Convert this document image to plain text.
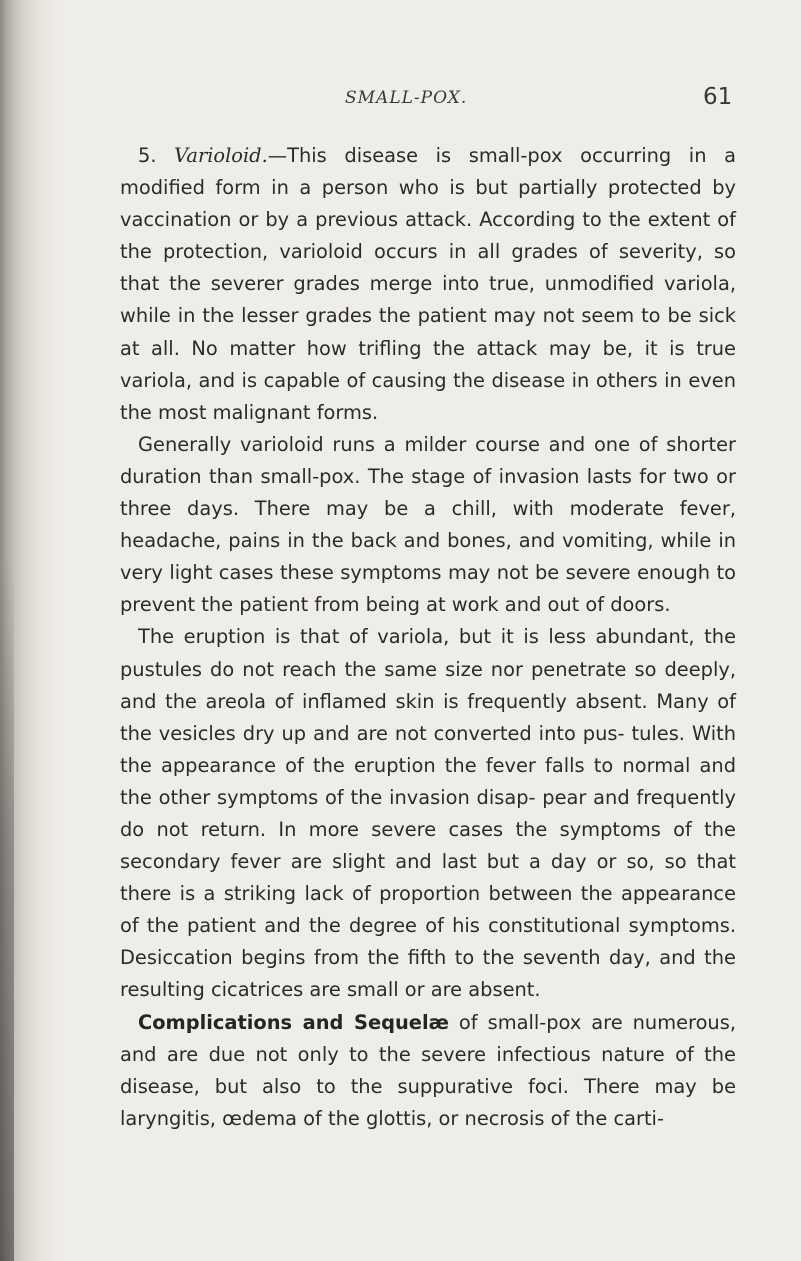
SMALL-POX.	61

5. Varioloid.—This disease is small-pox occurring in a modified form in a person who is but partially protected by vaccination or by a previous attack. According to the extent of the protection, varioloid occurs in all grades of severity, so that the severer grades merge into true, unmodified variola, while in the lesser grades the patient may not seem to be sick at all. No matter how trifling the attack may be, it is true variola, and is capable of causing the disease in others in even the most malignant forms.

Generally varioloid runs a milder course and one of shorter duration than small-pox. The stage of invasion lasts for two or three days. There may be a chill, with moderate fever, headache, pains in the back and bones, and vomiting, while in very light cases these symptoms may not be severe enough to prevent the patient from being at work and out of doors.

The eruption is that of variola, but it is less abundant, the pustules do not reach the same size nor penetrate so deeply, and the areola of inflamed skin is frequently absent. Many of the vesicles dry up and are not converted into pus- tules. With the appearance of the eruption the fever falls to normal and the other symptoms of the invasion disap- pear and frequently do not return. In more severe cases the symptoms of the secondary fever are slight and last but a day or so, so that there is a striking lack of proportion between the appearance of the patient and the degree of his constitutional symptoms. Desiccation begins from the fifth to the seventh day, and the resulting cicatrices are small or are absent.

Complications and Sequelæ of small-pox are numerous, and are due not only to the severe infectious nature of the disease, but also to the suppurative foci. There may be laryngitis, œdema of the glottis, or necrosis of the carti-
